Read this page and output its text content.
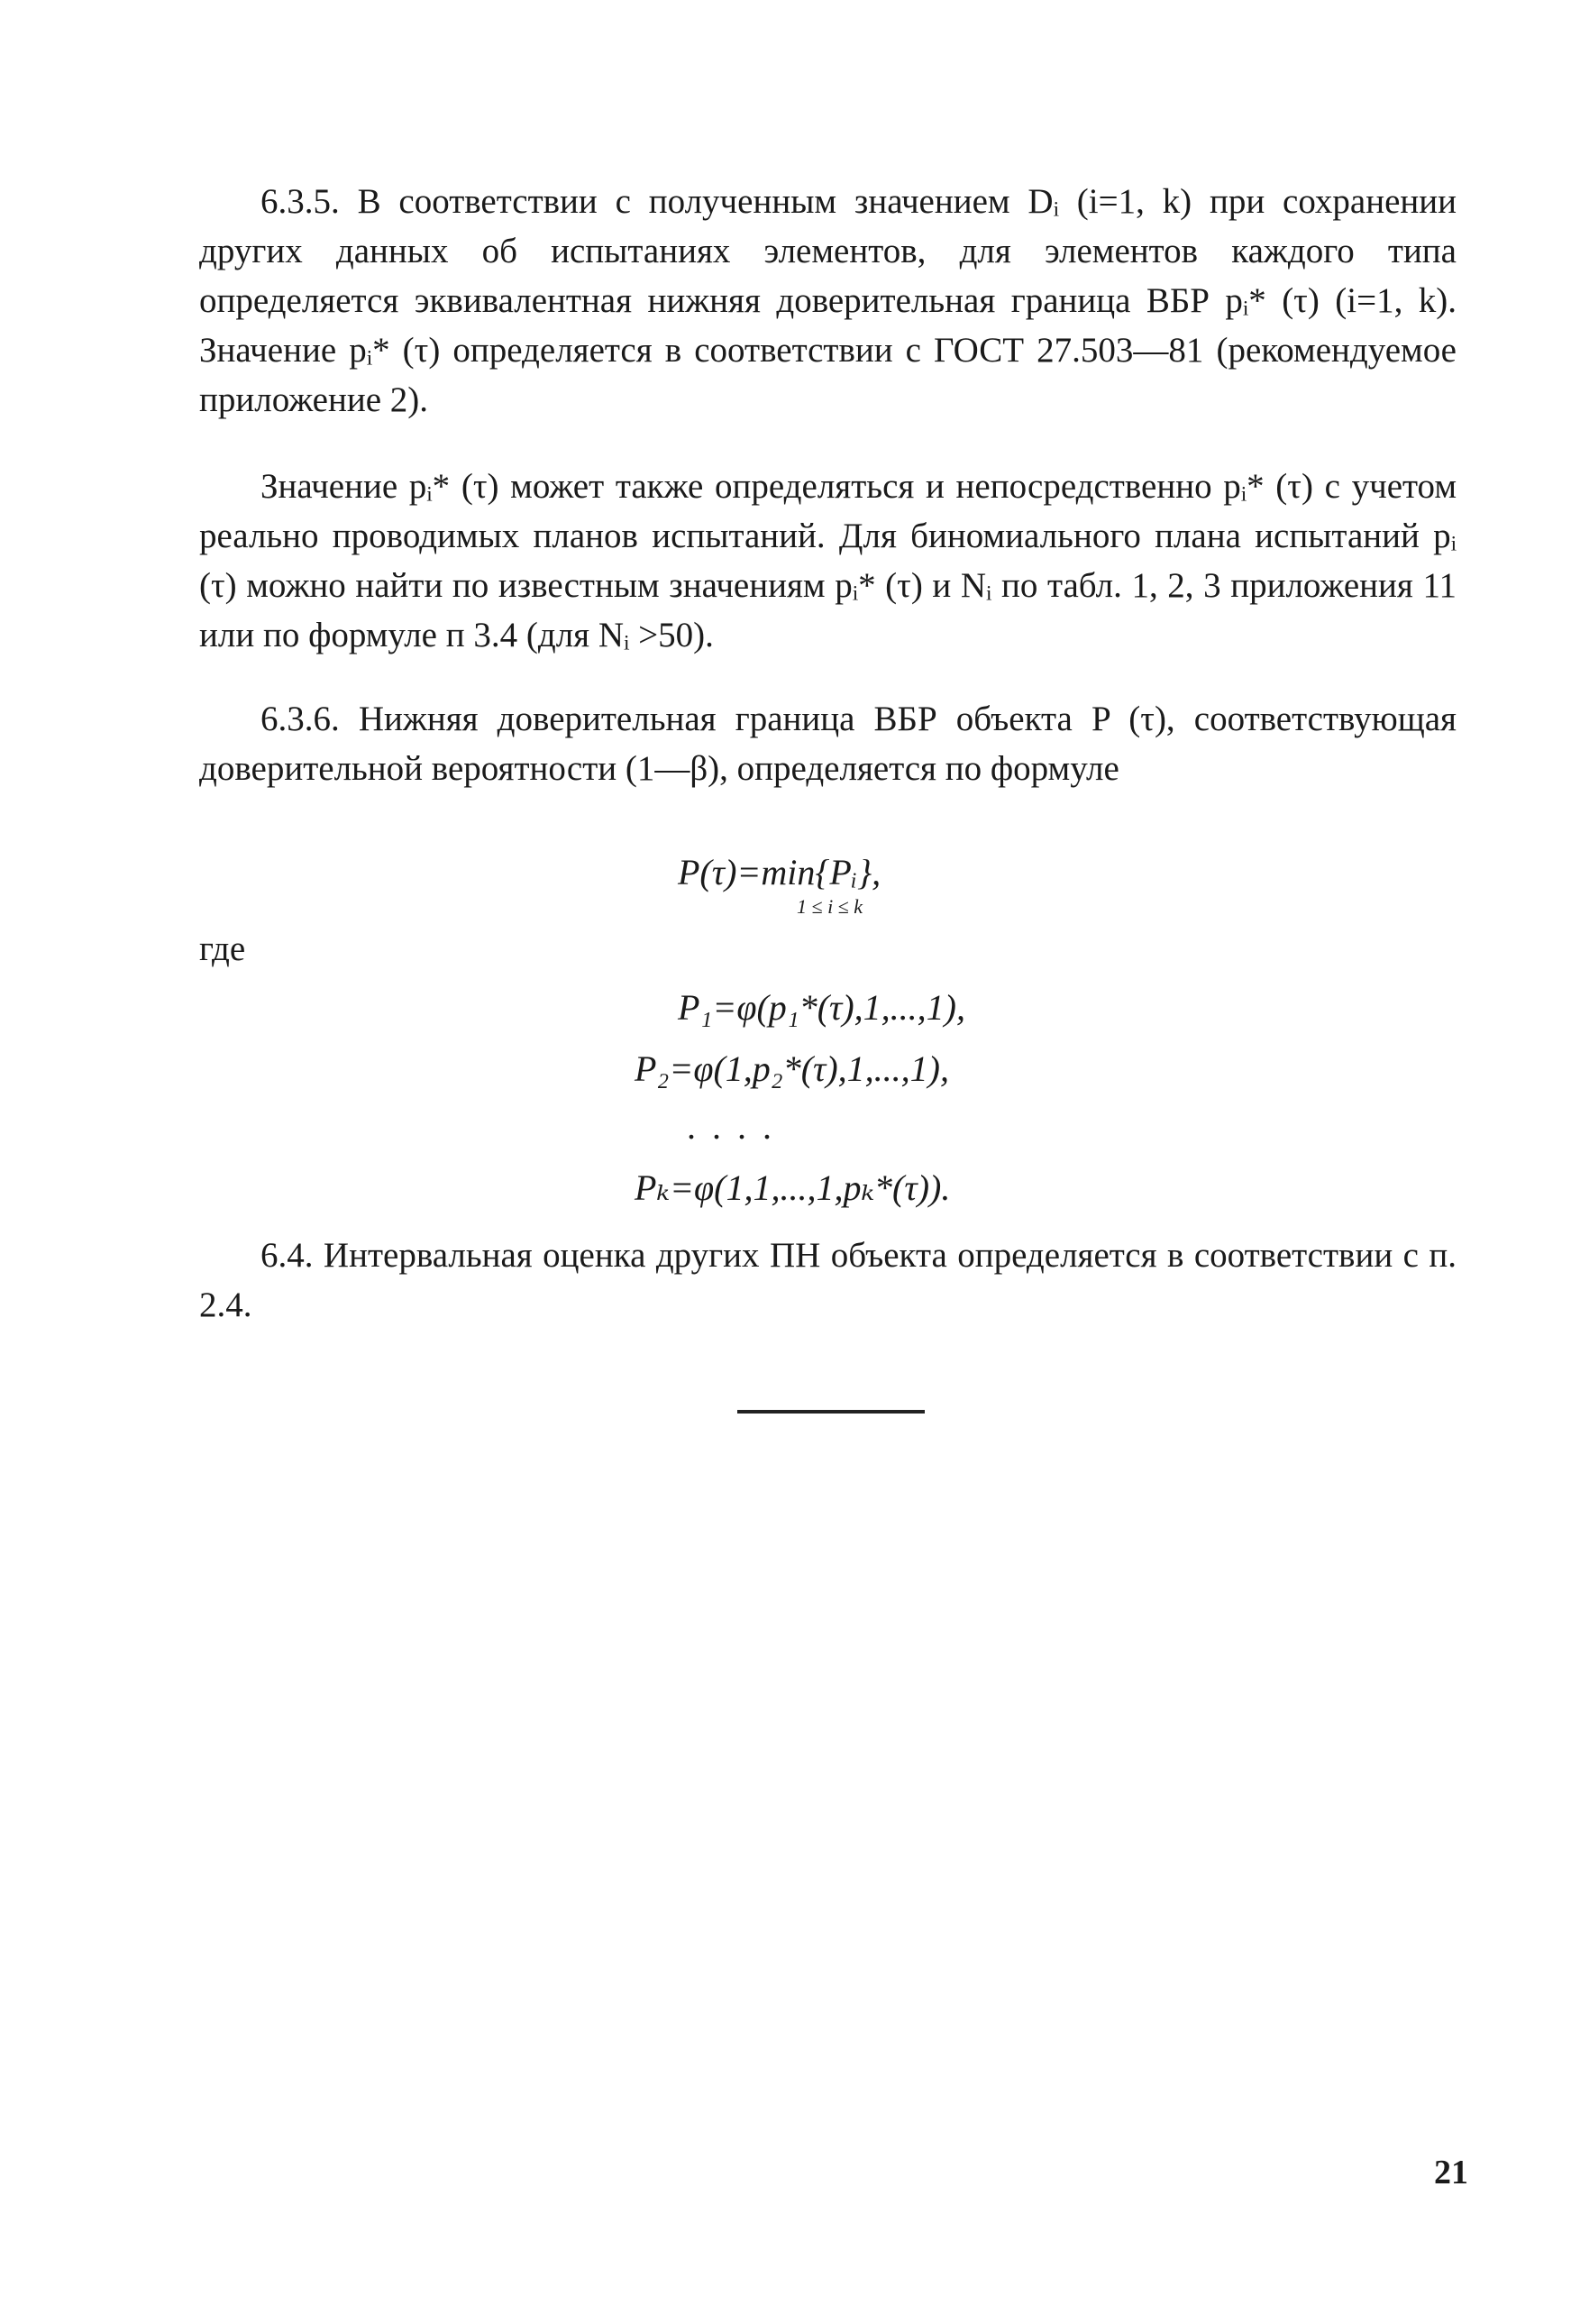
6.3.5. В соответствии с полученным значением Dᵢ (i=1, k) при сохранении других данных об испытаниях элементов, для элементов каждого типа определяется эквивалентная нижняя доверительная граница ВБР pᵢ* (τ) (i=1, k). Значение pᵢ* (τ) определяется в соответствии с ГОСТ 27.503—81 (рекомендуемое приложение 2).

Значение pᵢ* (τ) может также определяться и непосредственно pᵢ* (τ) с учетом реально проводимых планов испытаний. Для биномиального плана испытаний pᵢ (τ) можно найти по известным значениям pᵢ* (τ) и Nᵢ по табл. 1, 2, 3 приложения 11 или по формуле п 3.4 (для Nᵢ >50).

6.3.6. Нижняя доверительная граница ВБР объекта P (τ), соответствующая доверительной вероятности (1—β), определяется по формуле

P(τ)=min{Pᵢ},
1 ≤ i ≤ k

где

P₁=φ(p₁*(τ),1,...,1),
P₂=φ(1,p₂*(τ),1,...,1),
....
Pₖ=φ(1,1,...,1,pₖ*(τ)).

6.4. Интервальная оценка других ПН объекта определяется в соответствии с п. 2.4.

21
